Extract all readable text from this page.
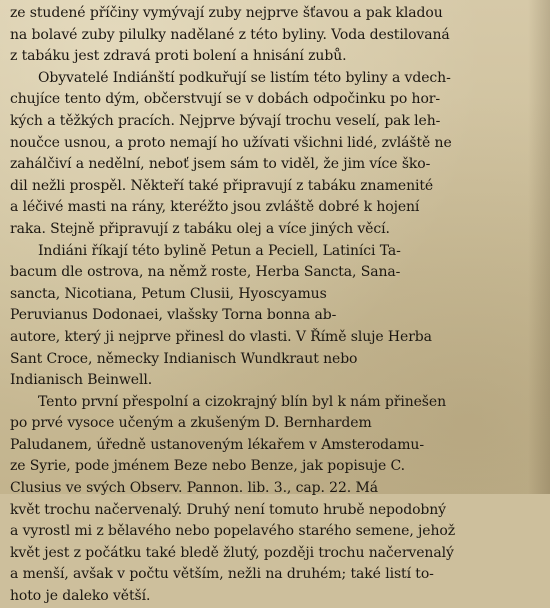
ze studené příčiny vymývají zuby nejprve šťavou a pak kladou
na bolavé zuby pilulky nadělané z této byliny. Voda destilovaná
z tabáku jest zdravá proti bolení a hnisání zubů.
Obyvatelé Indiánští podkuřují se listím této byliny a vdech-
chujíce tento dým, občerstvují se v dobách odpočinku po hor-
kých a těžkých pracích. Nejprve bývají trochu veselí, pak leh-
noučce usnou, a proto nemají ho užívati všichni lidé, zvláště ne
zahálčiví a nedělní, neboť jsem sám to viděl, že jim více ško-
dil nežli prospěl. Někteří také připravují z tabáku znamenité
a léčivé masti na rány, kteréžto jsou zvláště dobré k hojení
raka. Stejně připravují z tabáku olej a více jiných věcí.
Indiáni říkají této bylině Petun a Peciell, Latiníci Ta-
bacum dle ostrova, na němž roste, Herba Sancta, Sana-
sancta, Nicotiana, Petum Clusii, Hyoscyamus
Peruvianus Dodonaei, vlašsky Torna bonna ab-
autore, který ji nejprve přinesl do vlasti. V Římě sluje Herba
Sant Croce, německy Indianisch Wundkraut nebo
Indianisch Beinwell.
Tento první přespolní a cizokrajný blín byl k nám přinešen
po prvé vysoce učeným a zkušeným D. Bernhardem
Paludanem, úředně ustanoveným lékařem v Amsterodamu-
ze Syrie, pode jménem Beze nebo Benze, jak popisuje C.
Clusius ve svých Observ. Pannon. lib. 3., cap. 22. Má
květ trochu načervenalý. Druhý není tomuto hrubě nepodobný
a vyrostl mi z bělavého nebo popelavého starého semene, jehož
květ jest z počátku také bledě žlutý, později trochu načervenalý
a menší, avšak v počtu větším, nežli na druhém; také listí to-
hoto je daleko větší.
